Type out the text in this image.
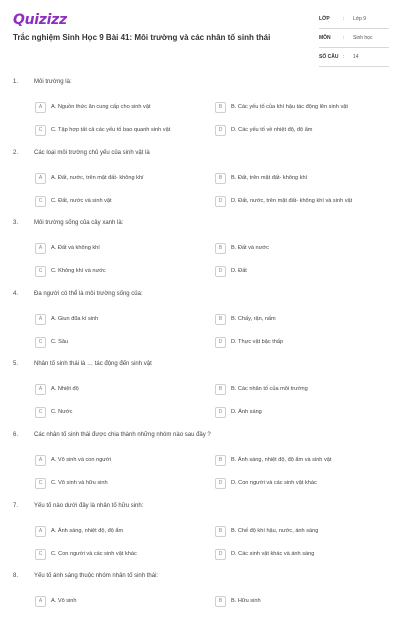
Quizizz
Trắc nghiệm Sinh Học 9 Bài 41: Môi trường và các nhân tố sinh thái
LỚP	:	Lớp 9
MÔN	:	Sinh học
SỐ CÂU :	14
1.	Môi trường là:
A	A. Nguồn thức ăn cung cấp cho sinh vật	B	B. Các yếu tố của khí hậu tác động lên sinh vật
C	C. Tập hợp tất cả các yếu tố bao quanh sinh vật	D	D. Các yếu tố về nhiệt độ, độ ẩm
2.	Các loại môi trường chủ yếu của sinh vật là
A	A. Đất, nước, trên mặt đất- không khí	B	B. Đất, trên mặt đất- không khí
C	C. Đất, nước và sinh vật	D	D. Đất, nước, trên mặt đất- không khí và sinh vật
3.	Môi trường sống của cây xanh là:
A	A. Đất và không khí	B	B. Đất và nước
C	C. Không khí và nước	D	D. Đất
4.	Đa người có thể là môi trường sống của:
A	A. Giun đũa kí sinh	B	B. Chấy, rận, nấm
C	C. Sâu	D	D. Thực vật bậc thấp
5.	Nhân tố sinh thái là … tác động đến sinh vật
A	A. Nhiệt độ	B	B. Các nhân tố của môi trường
C	C. Nước	D	D. Ánh sáng
6.	Các nhân tố sinh thái được chia thành những nhóm nào sau đây ?
A	A. Vô sinh và con người	B	B. Ánh sáng, nhiệt độ, độ ẩm và sinh vật
C	C. Vô sinh và hữu sinh	D	D. Con người và các sinh vật khác
7.	Yếu tố nào dưới đây là nhân tố hữu sinh:
A	A. Ánh sáng, nhiệt độ, độ ẩm	B	B. Chế độ khí hậu, nước, ánh sáng
C	C. Con người và các sinh vật khác	D	D. Các sinh vật khác và ánh sáng
8.	Yếu tố ánh sáng thuộc nhóm nhân tố sinh thái:
A	A. Vô sinh	B	B. Hữu sinh
